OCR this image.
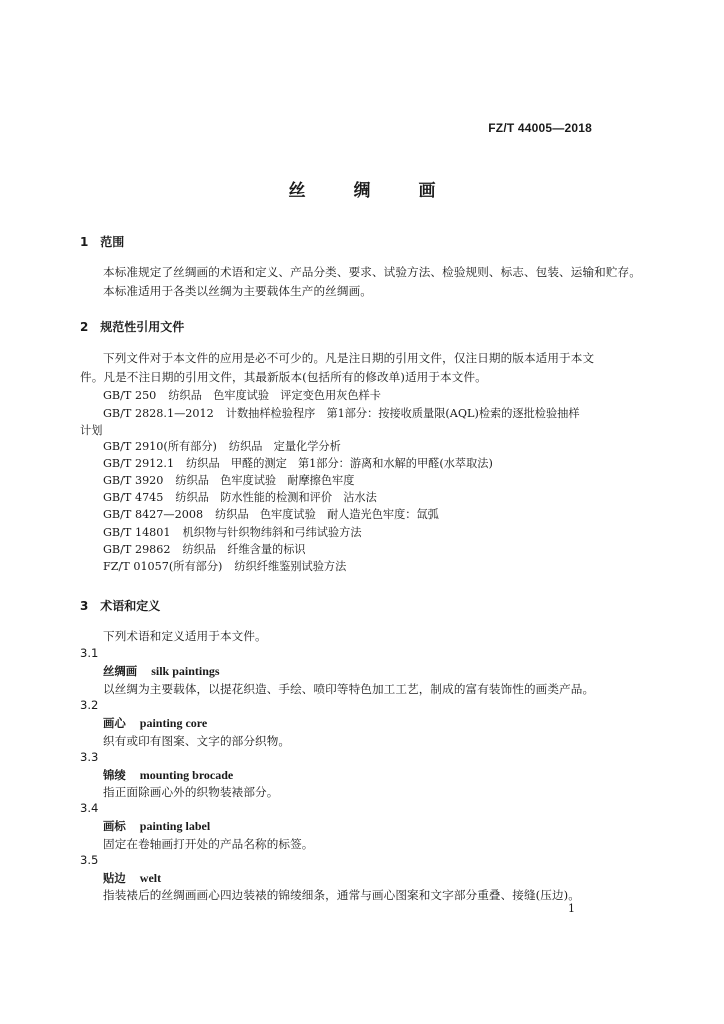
FZ/T 44005—2018
丝	绸	画
1 范围
本标准规定了丝绸画的术语和定义、产品分类、要求、试验方法、检验规则、标志、包装、运输和贮存。
本标准适用于各类以丝绸为主要载体生产的丝绸画。
2 规范性引用文件
下列文件对于本文件的应用是必不可少的。凡是注日期的引用文件，仅注日期的版本适用于本文
件。凡是不注日期的引用文件，其最新版本(包括所有的修改单)适用于本文件。
GB/T 250 纺织品　色牢度试验　评定变色用灰色样卡
GB/T 2828.1—2012 计数抽样检验程序　第1部分：按接收质量限(AQL)检索的逐批检验抽样
计划
GB/T 2910(所有部分) 纺织品　定量化学分析
GB/T 2912.1 纺织品　甲醛的测定　第1部分：游离和水解的甲醛(水萃取法)
GB/T 3920 纺织品　色牢度试验　耐摩擦色牢度
GB/T 4745 纺织品　防水性能的检测和评价　沾水法
GB/T 8427—2008 纺织品　色牢度试验　耐人造光色牢度：氙弧
GB/T 14801 机织物与针织物纬斜和弓纬试验方法
GB/T 29862 纺织品　纤维含量的标识
FZ/T 01057(所有部分) 纺织纤维鉴别试验方法
3 术语和定义
下列术语和定义适用于本文件。
3.1
丝绸画 silk paintings
以丝绸为主要载体，以提花织造、手绘、喷印等特色加工工艺，制成的富有装饰性的画类产品。
3.2
画心 painting core
织有或印有图案、文字的部分织物。
3.3
锦绫 mounting brocade
指正面除画心外的织物装裱部分。
3.4
画标 painting label
固定在卷轴画打开处的产品名称的标签。
3.5
贴边 welt
指装裱后的丝绸画画心四边装裱的锦绫细条，通常与画心图案和文字部分重叠、接缝(压边)。
1
